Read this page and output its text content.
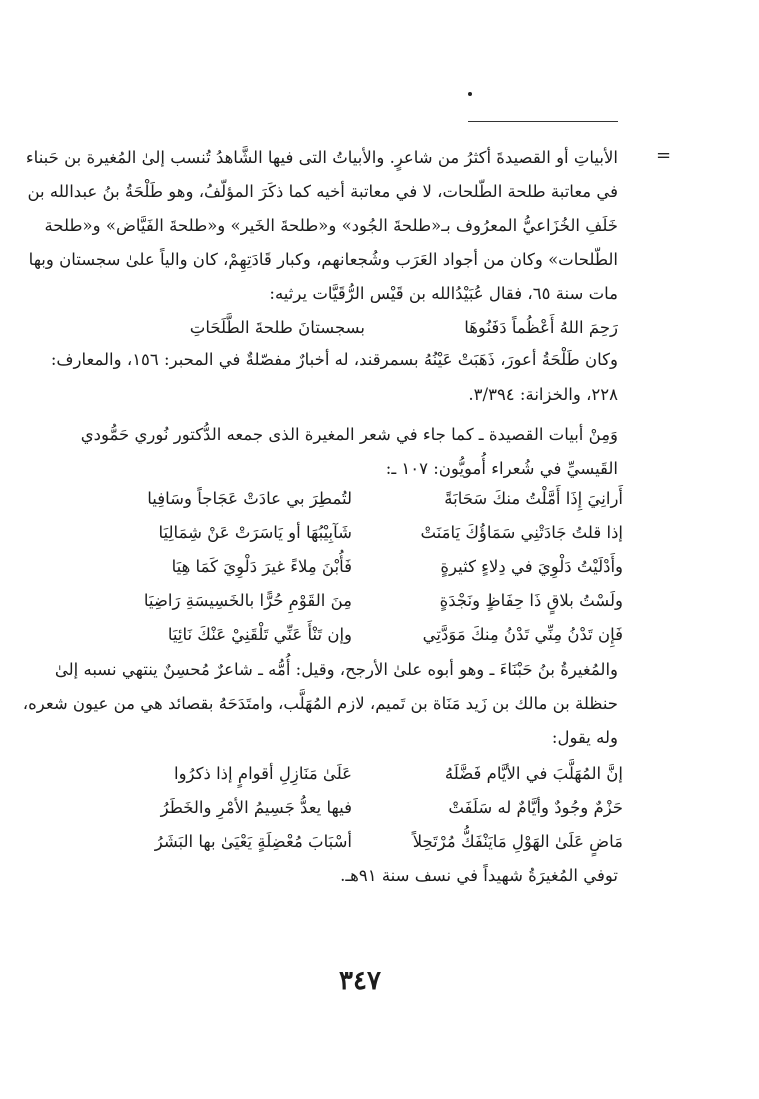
=
الأبياتِ أو القصيدةَ أكثرُ من شاعرٍ. والأبياتُ التى فيها الشَّاهدُ تُنسب إلىٰ المُغيرة بن حَبناء
في معاتبة طلحة الطّلحات، لا في معاتبة أخيه كما ذكَرَ المؤلّفُ، وهو طَلْحَةُ بنُ عبدالله بن
خَلَفِ الخُزَاعيُّ المعرُوف بـ«طلحةَ الجُود» و«طلحةَ الخَير» و«طلحةَ الفَيَّاض» و«طلحة
الطّلحات» وكان من أجواد العَرَب وشُجعانهم، وكبار قَادَتِهِمْ، كان والياً علىٰ سجستان وبها
مات سنة ٦٥، فقال عُبَيْدُالله بن قَيْس الرُّقَيَّات يرثيه:
رَحِمَ اللهُ أَعْظُماً دَفَنُوهَا
بسجستانَ طلحةَ الطَّلَحَاتِ
وكان طَلْحَةُ أعورَ، ذَهَبَتْ عَيْنُهُ بسمرقند، له أخبارٌ مفصّلةٌ في المحبر: ١٥٦، والمعارف:
٢٢٨، والخزانة: ٣/٣٩٤.
وَمِنْ أبيات القصيدة ـ كما جاء في شعر المغيرة الذى جمعه الدُّكتور نُوري حَمُّودي
القَيسيِّ في شُعراء أُمويُّون: ١٠٧ ـ:
أَرانِيَ إِذَا أَمَّلْتُ منكَ سَحَابَةً
لتُمطِرَ بي عادَتْ عَجَاجاً وسَافِيا
إذا قلتُ جَادَتْنِي سَمَاؤُكَ يَامَنَتْ
شَآبِيْبُهَا أو يَاسَرَتْ عَنْ شِمَالِيَا
وأَدْلَيْتُ دَلْوِيَ في دِلاءٍ كثيرةٍ
فَأُبْنَ مِلاءً غيرَ دَلْوِيَ كَمَا هِيَا
ولَسْتُ بلاقٍ ذَا حِفَاظٍ ونَجْدَةٍ
مِنَ القَوْمِ حُرًّا بالخَسِيسَةِ رَاضِيَا
فَإِن تَدْنُ مِنِّي تَدْنُ مِنكَ مَوَدَّتِي
وإن تَنْأَ عَنِّي تَلْقَنِيْ عَنْكَ نَائِيَا
والمُغيرةُ بنُ حَبْنَاءَ ـ وهو أبوه علىٰ الأرجح، وقيل: أُمُّه ـ شاعرٌ مُحسِنٌ ينتهي نسبه إلىٰ
حنظلة بن مالك بن زَيد مَنَاة بن تَميم، لازم المُهَلَّب، وامتَدَحَهُ بقصائد هي من عيون شعره،
وله يقول:
إنَّ المُهَلَّبَ في الأيَّام فَضَّلَهُ
عَلَىٰ مَنَازِلِ أقوامٍ إذا ذكرُوا
حَزْمٌ وجُودٌ وأيَّامٌ له سَلَفَتْ
فيها يعدُّ جَسِيمُ الأمْرِ والخَطَرُ
مَاضٍ عَلَىٰ الهَوْلِ مَايَنْفَكُّ مُرْتَحِلاً
أسْبَابَ مُعْضِلَةٍ يَعْيَىٰ بها البَشَرُ
توفي المُغيرَةُ شهيداً في نسف سنة ٩١هـ.
٣٤٧
